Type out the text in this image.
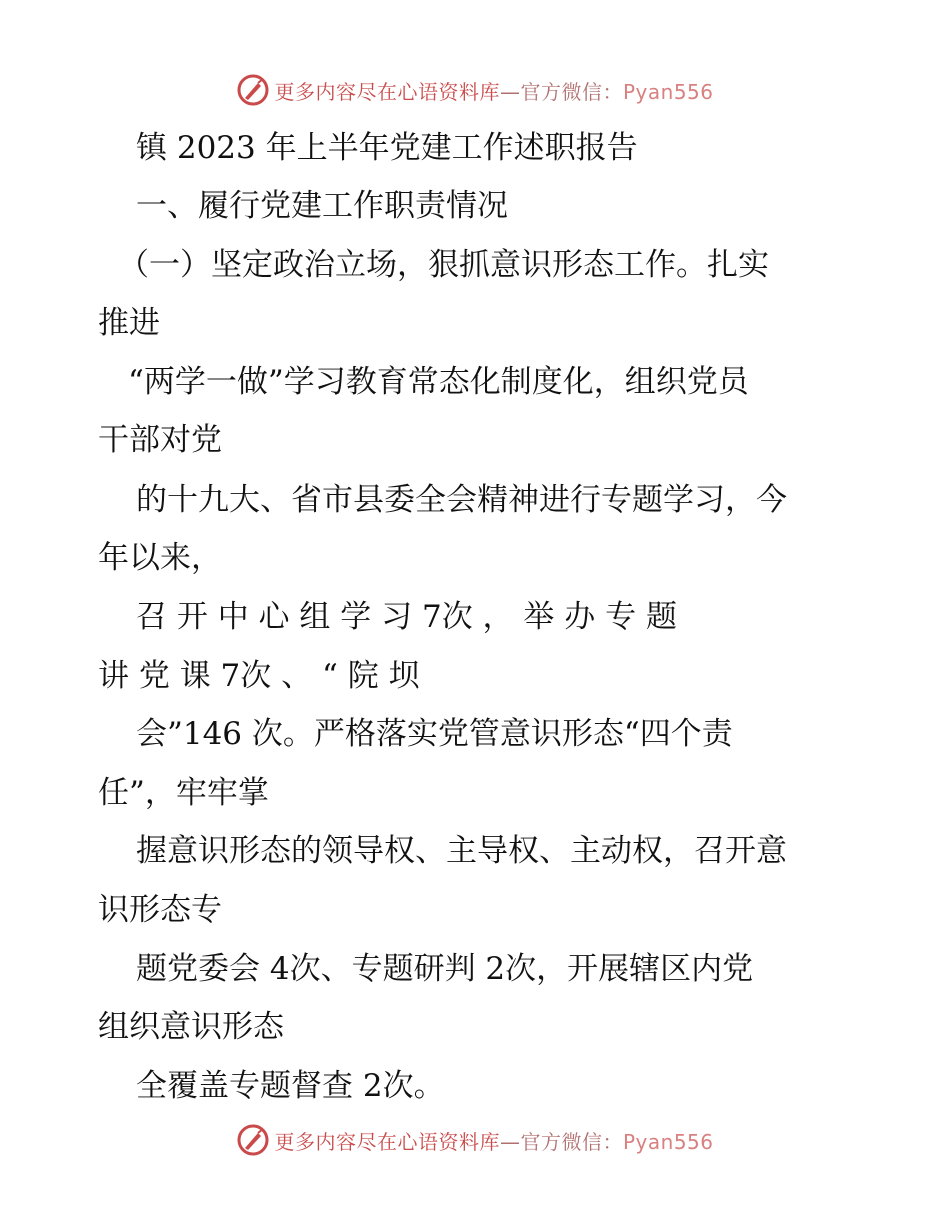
更多内容尽在心语资料库—官方微信：Pyan556
镇 2023 年上半年党建工作述职报告
一、履行党建工作职责情况
（一）坚定政治立场，狠抓意识形态工作。扎实
推进
“两学一做”学习教育常态化制度化，组织党员
干部对党
的十九大、省市县委全会精神进行专题学习，今
年以来，
召 开 中 心 组 学 习 7次 ， 举 办 专 题
讲 党 课 7次 、 “ 院 坝
会”146 次。严格落实党管意识形态“四个责
任”，牢牢掌
握意识形态的领导权、主导权、主动权，召开意
识形态专
题党委会 4次、专题研判 2次，开展辖区内党
组织意识形态
全覆盖专题督查 2次。
更多内容尽在心语资料库—官方微信：Pyan556
